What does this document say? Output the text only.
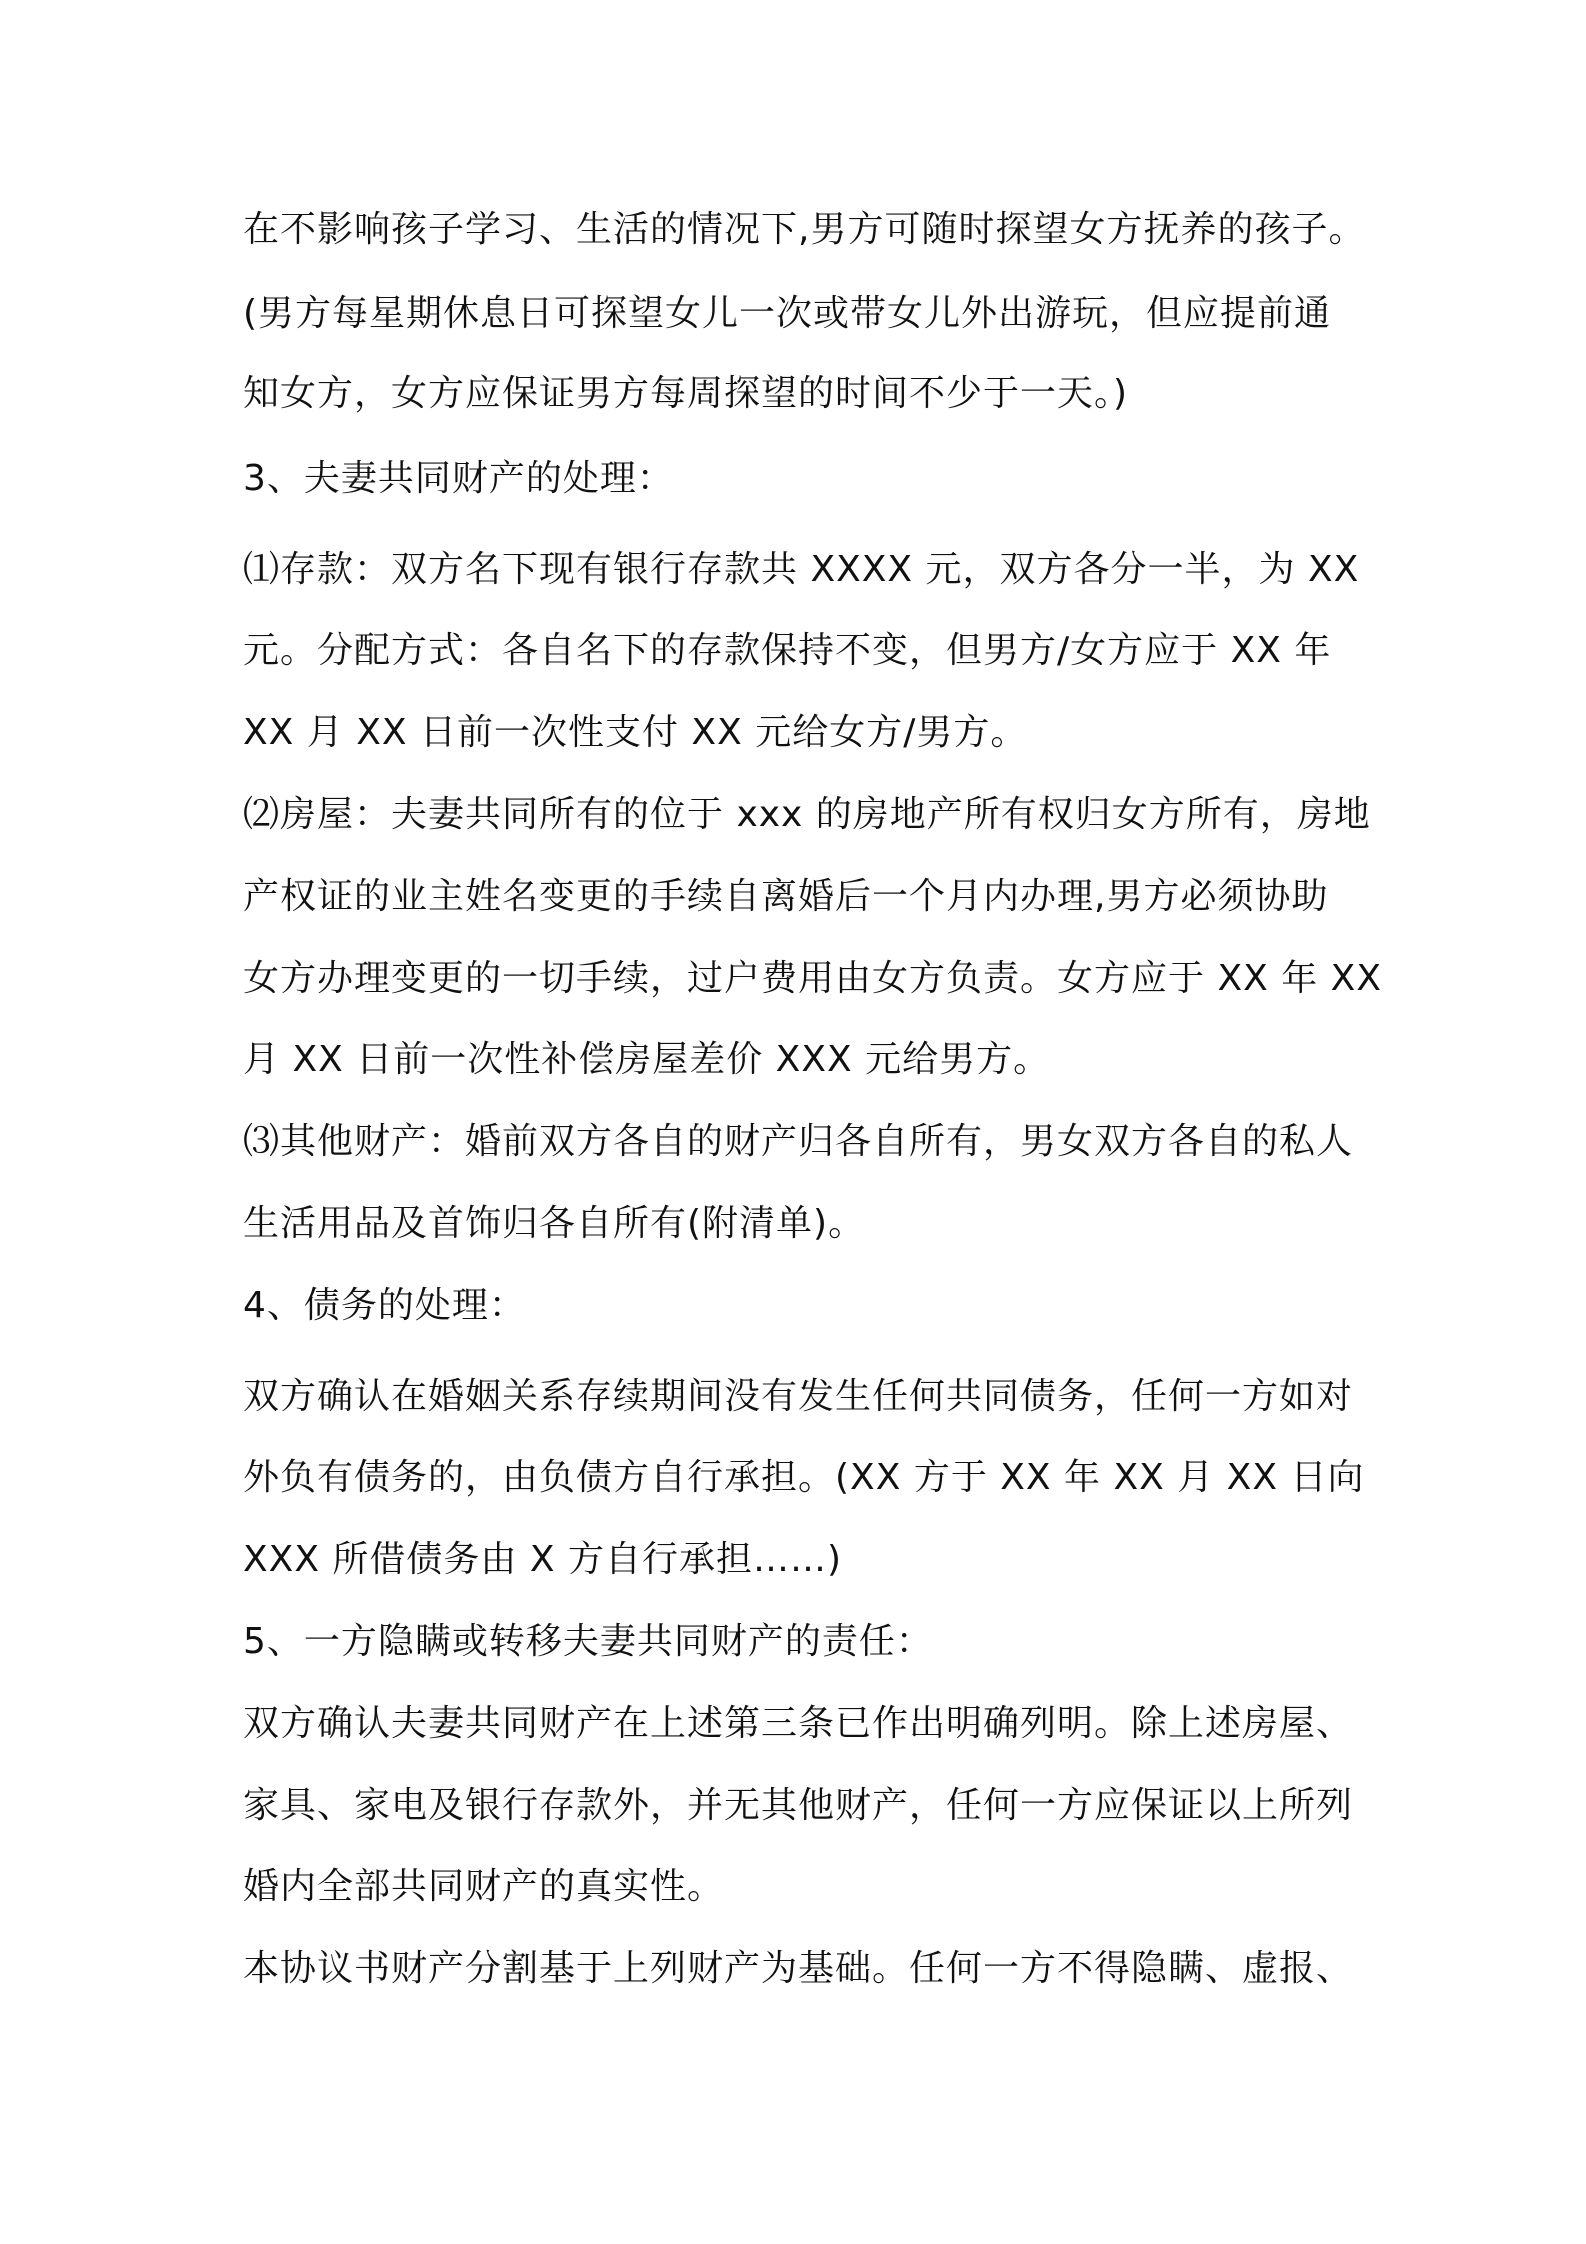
在不影响孩子学习、生活的情况下,男方可随时探望女方抚养的孩子。
(男方每星期休息日可探望女儿一次或带女儿外出游玩，但应提前通
知女方，女方应保证男方每周探望的时间不少于一天。)
3、夫妻共同财产的处理：
⑴存款：双方名下现有银行存款共 XXXX 元，双方各分一半，为 XX
元。分配方式：各自名下的存款保持不变，但男方/女方应于 XX 年
XX 月 XX 日前一次性支付 XX 元给女方/男方。
⑵房屋：夫妻共同所有的位于 xxx 的房地产所有权归女方所有，房地
产权证的业主姓名变更的手续自离婚后一个月内办理,男方必须协助
女方办理变更的一切手续，过户费用由女方负责。女方应于 XX 年 XX
月 XX 日前一次性补偿房屋差价 XXX 元给男方。
⑶其他财产：婚前双方各自的财产归各自所有，男女双方各自的私人
生活用品及首饰归各自所有(附清单)。
4、债务的处理：
双方确认在婚姻关系存续期间没有发生任何共同债务，任何一方如对
外负有债务的，由负债方自行承担。(XX 方于 XX 年 XX 月 XX 日向
XXX 所借债务由 X 方自行承担……)
5、一方隐瞒或转移夫妻共同财产的责任：
双方确认夫妻共同财产在上述第三条已作出明确列明。除上述房屋、
家具、家电及银行存款外，并无其他财产，任何一方应保证以上所列
婚内全部共同财产的真实性。
本协议书财产分割基于上列财产为基础。任何一方不得隐瞒、虚报、
